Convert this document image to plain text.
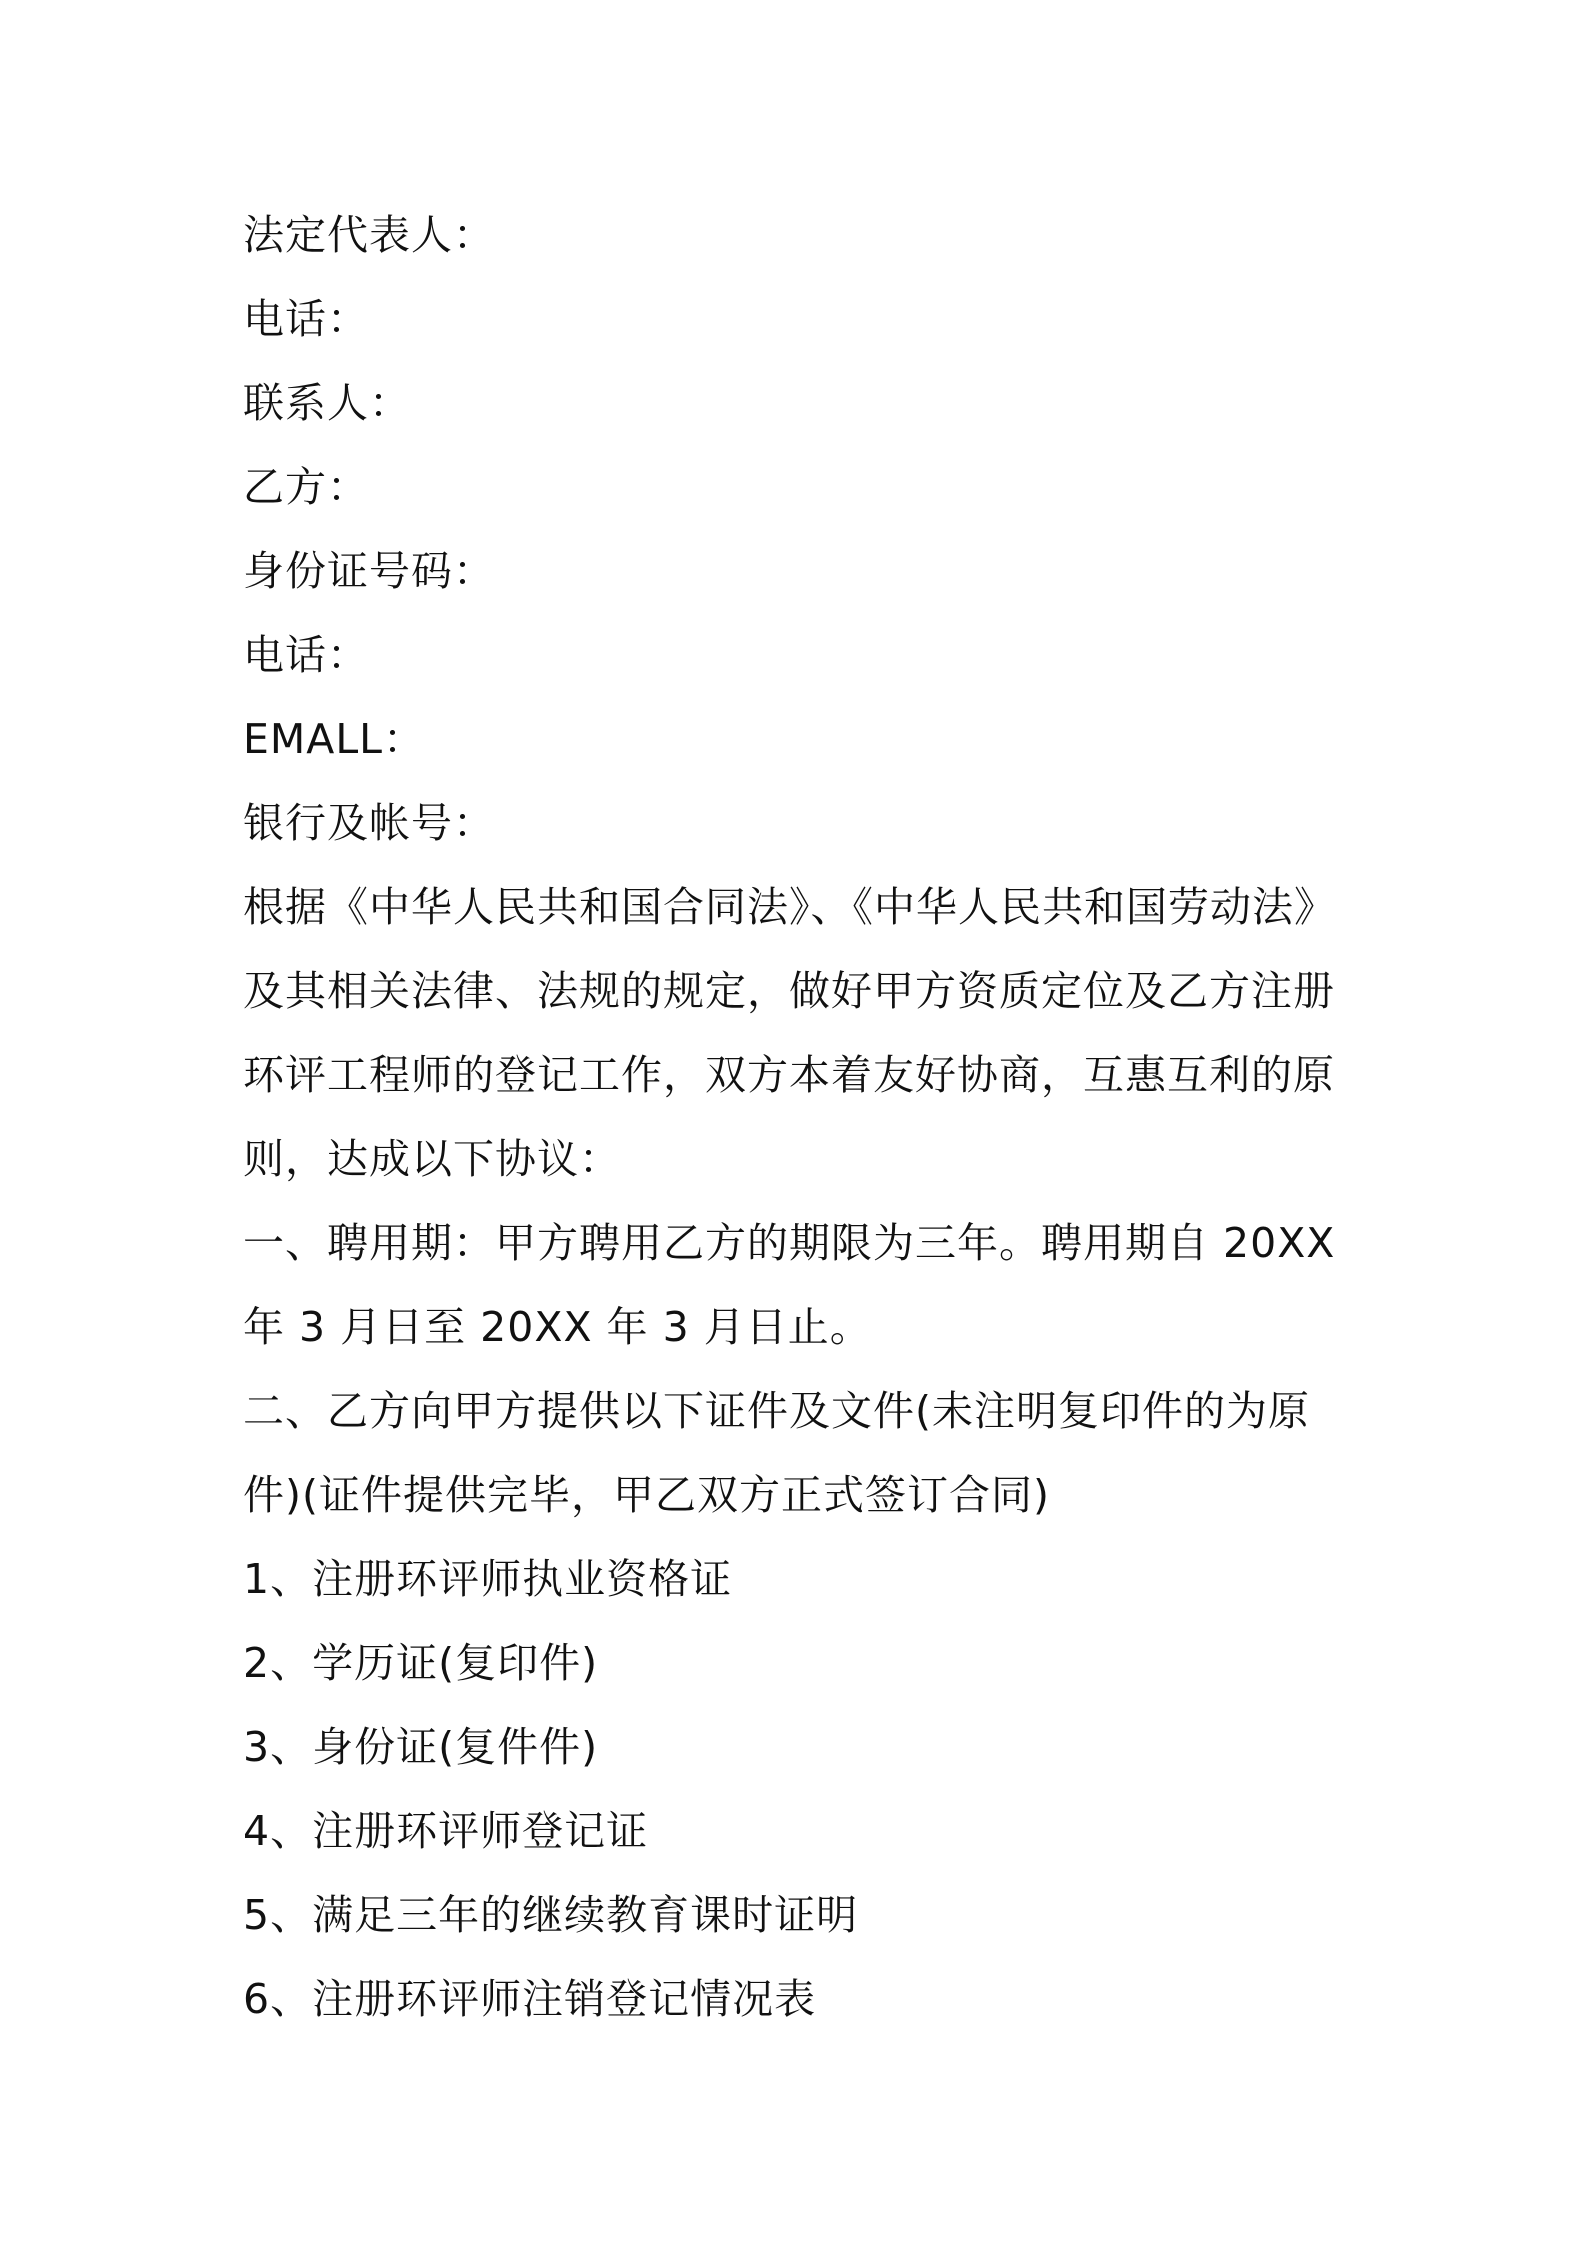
法定代表人：
电话：
联系人：
乙方：
身份证号码：
电话：
EMALL：
银行及帐号：
根据《中华人民共和国合同法》、《中华人民共和国劳动法》及其相关法律、法规的规定，做好甲方资质定位及乙方注册环评工程师的登记工作，双方本着友好协商，互惠互利的原则，达成以下协议：
一、聘用期：甲方聘用乙方的期限为三年。聘用期自 20XX 年 3 月日至 20XX 年 3 月日止。
二、乙方向甲方提供以下证件及文件(未注明复印件的为原件)(证件提供完毕，甲乙双方正式签订合同)
1、注册环评师执业资格证
2、学历证(复印件)
3、身份证(复件件)
4、注册环评师登记证
5、满足三年的继续教育课时证明
6、注册环评师注销登记情况表
